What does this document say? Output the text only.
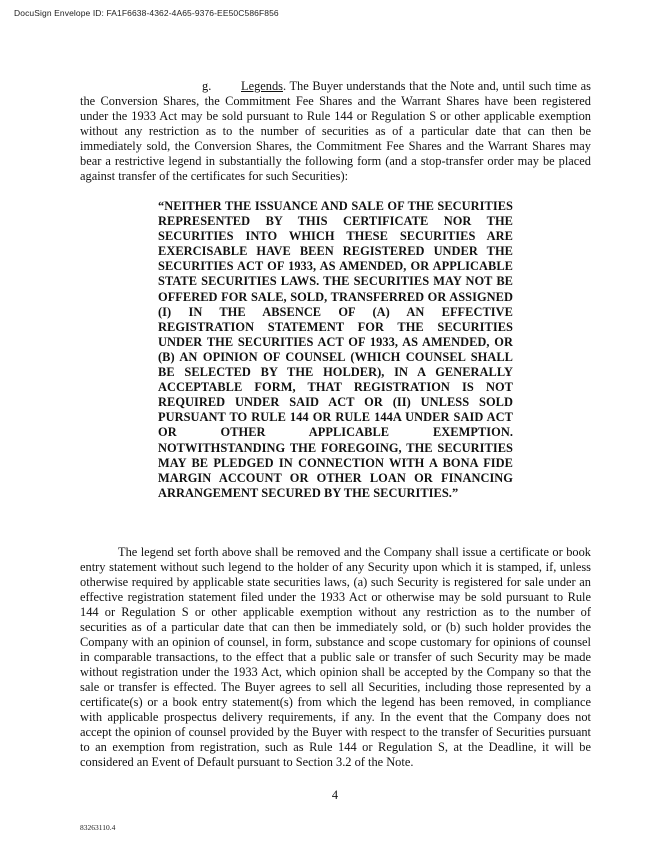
DocuSign Envelope ID: FA1F6638-4362-4A65-9376-EE50C586F856
g. Legends. The Buyer understands that the Note and, until such time as the Conversion Shares, the Commitment Fee Shares and the Warrant Shares have been registered under the 1933 Act may be sold pursuant to Rule 144 or Regulation S or other applicable exemption without any restriction as to the number of securities as of a particular date that can then be immediately sold, the Conversion Shares, the Commitment Fee Shares and the Warrant Shares may bear a restrictive legend in substantially the following form (and a stop-transfer order may be placed against transfer of the certificates for such Securities):
“NEITHER THE ISSUANCE AND SALE OF THE SECURITIES REPRESENTED BY THIS CERTIFICATE NOR THE SECURITIES INTO WHICH THESE SECURITIES ARE EXERCISABLE HAVE BEEN REGISTERED UNDER THE SECURITIES ACT OF 1933, AS AMENDED, OR APPLICABLE STATE SECURITIES LAWS. THE SECURITIES MAY NOT BE OFFERED FOR SALE, SOLD, TRANSFERRED OR ASSIGNED (I) IN THE ABSENCE OF (A) AN EFFECTIVE REGISTRATION STATEMENT FOR THE SECURITIES UNDER THE SECURITIES ACT OF 1933, AS AMENDED, OR (B) AN OPINION OF COUNSEL (WHICH COUNSEL SHALL BE SELECTED BY THE HOLDER), IN A GENERALLY ACCEPTABLE FORM, THAT REGISTRATION IS NOT REQUIRED UNDER SAID ACT OR (II) UNLESS SOLD PURSUANT TO RULE 144 OR RULE 144A UNDER SAID ACT OR OTHER APPLICABLE EXEMPTION. NOTWITHSTANDING THE FOREGOING, THE SECURITIES MAY BE PLEDGED IN CONNECTION WITH A BONA FIDE MARGIN ACCOUNT OR OTHER LOAN OR FINANCING ARRANGEMENT SECURED BY THE SECURITIES.”
The legend set forth above shall be removed and the Company shall issue a certificate or book entry statement without such legend to the holder of any Security upon which it is stamped, if, unless otherwise required by applicable state securities laws, (a) such Security is registered for sale under an effective registration statement filed under the 1933 Act or otherwise may be sold pursuant to Rule 144 or Regulation S or other applicable exemption without any restriction as to the number of securities as of a particular date that can then be immediately sold, or (b) such holder provides the Company with an opinion of counsel, in form, substance and scope customary for opinions of counsel in comparable transactions, to the effect that a public sale or transfer of such Security may be made without registration under the 1933 Act, which opinion shall be accepted by the Company so that the sale or transfer is effected. The Buyer agrees to sell all Securities, including those represented by a certificate(s) or a book entry statement(s) from which the legend has been removed, in compliance with applicable prospectus delivery requirements, if any. In the event that the Company does not accept the opinion of counsel provided by the Buyer with respect to the transfer of Securities pursuant to an exemption from registration, such as Rule 144 or Regulation S, at the Deadline, it will be considered an Event of Default pursuant to Section 3.2 of the Note.
4
83263110.4
